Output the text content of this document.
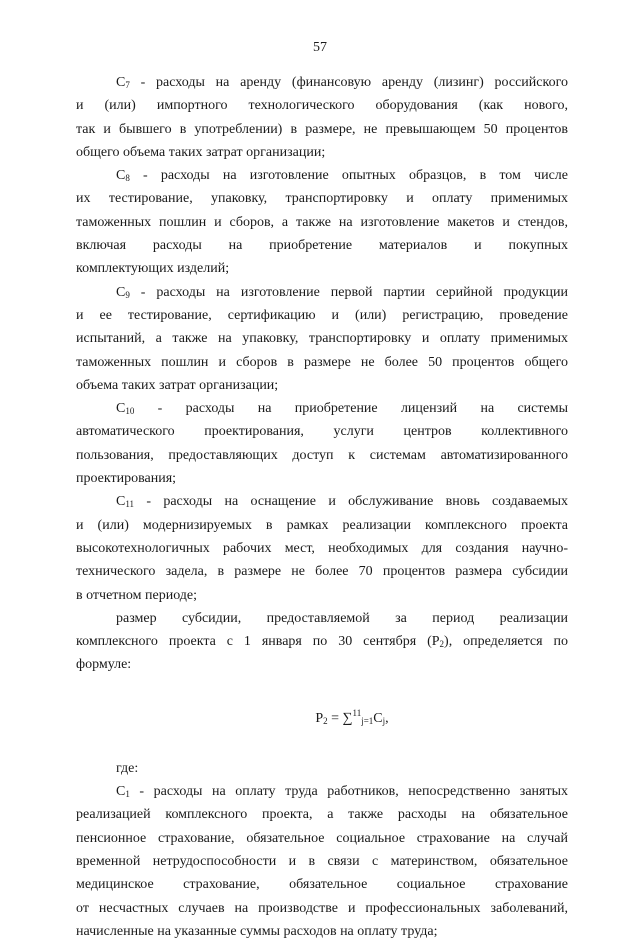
57
$С_7$ - расходы на аренду (финансовую аренду (лизинг) российского
и (или) импортного технологического оборудования (как нового,
так и бывшего в употреблении) в размере, не превышающем 50 процентов
общего объема таких затрат организации;
$С_8$ - расходы на изготовление опытных образцов, в том числе
их тестирование, упаковку, транспортировку и оплату применимых
таможенных пошлин и сборов, а также на изготовление макетов и стендов,
включая расходы на приобретение материалов и покупных
комплектующих изделий;
$С_9$ - расходы на изготовление первой партии серийной продукции
и ее тестирование, сертификацию и (или) регистрацию, проведение
испытаний, а также на упаковку, транспортировку и оплату применимых
таможенных пошлин и сборов в размере не более 50 процентов общего
объема таких затрат организации;
$С_{10}$ - расходы на приобретение лицензий на системы
автоматического проектирования, услуги центров коллективного
пользования, предоставляющих доступ к системам автоматизированного
проектирования;
$С_{11}$ - расходы на оснащение и обслуживание вновь создаваемых
и (или) модернизируемых в рамках реализации комплексного проекта
высокотехнологичных рабочих мест, необходимых для создания научно-
технического задела, в размере не более 70 процентов размера субсидии
в отчетном периоде;
размер субсидии, предоставляемой за период реализации
комплексного проекта с 1 января по 30 сентября $(P_2)$, определяется по
формуле:
$P_2 = \sum^{11}_{j=1}C_j$,
где:
$С_1$ - расходы на оплату труда работников, непосредственно занятых
реализацией комплексного проекта, а также расходы на обязательное
пенсионное страхование, обязательное социальное страхование на случай
временной нетрудоспособности и в связи с материнством, обязательное
медицинское страхование, обязательное социальное страхование
от несчастных случаев на производстве и профессиональных заболеваний,
начисленные на указанные суммы расходов на оплату труда;
